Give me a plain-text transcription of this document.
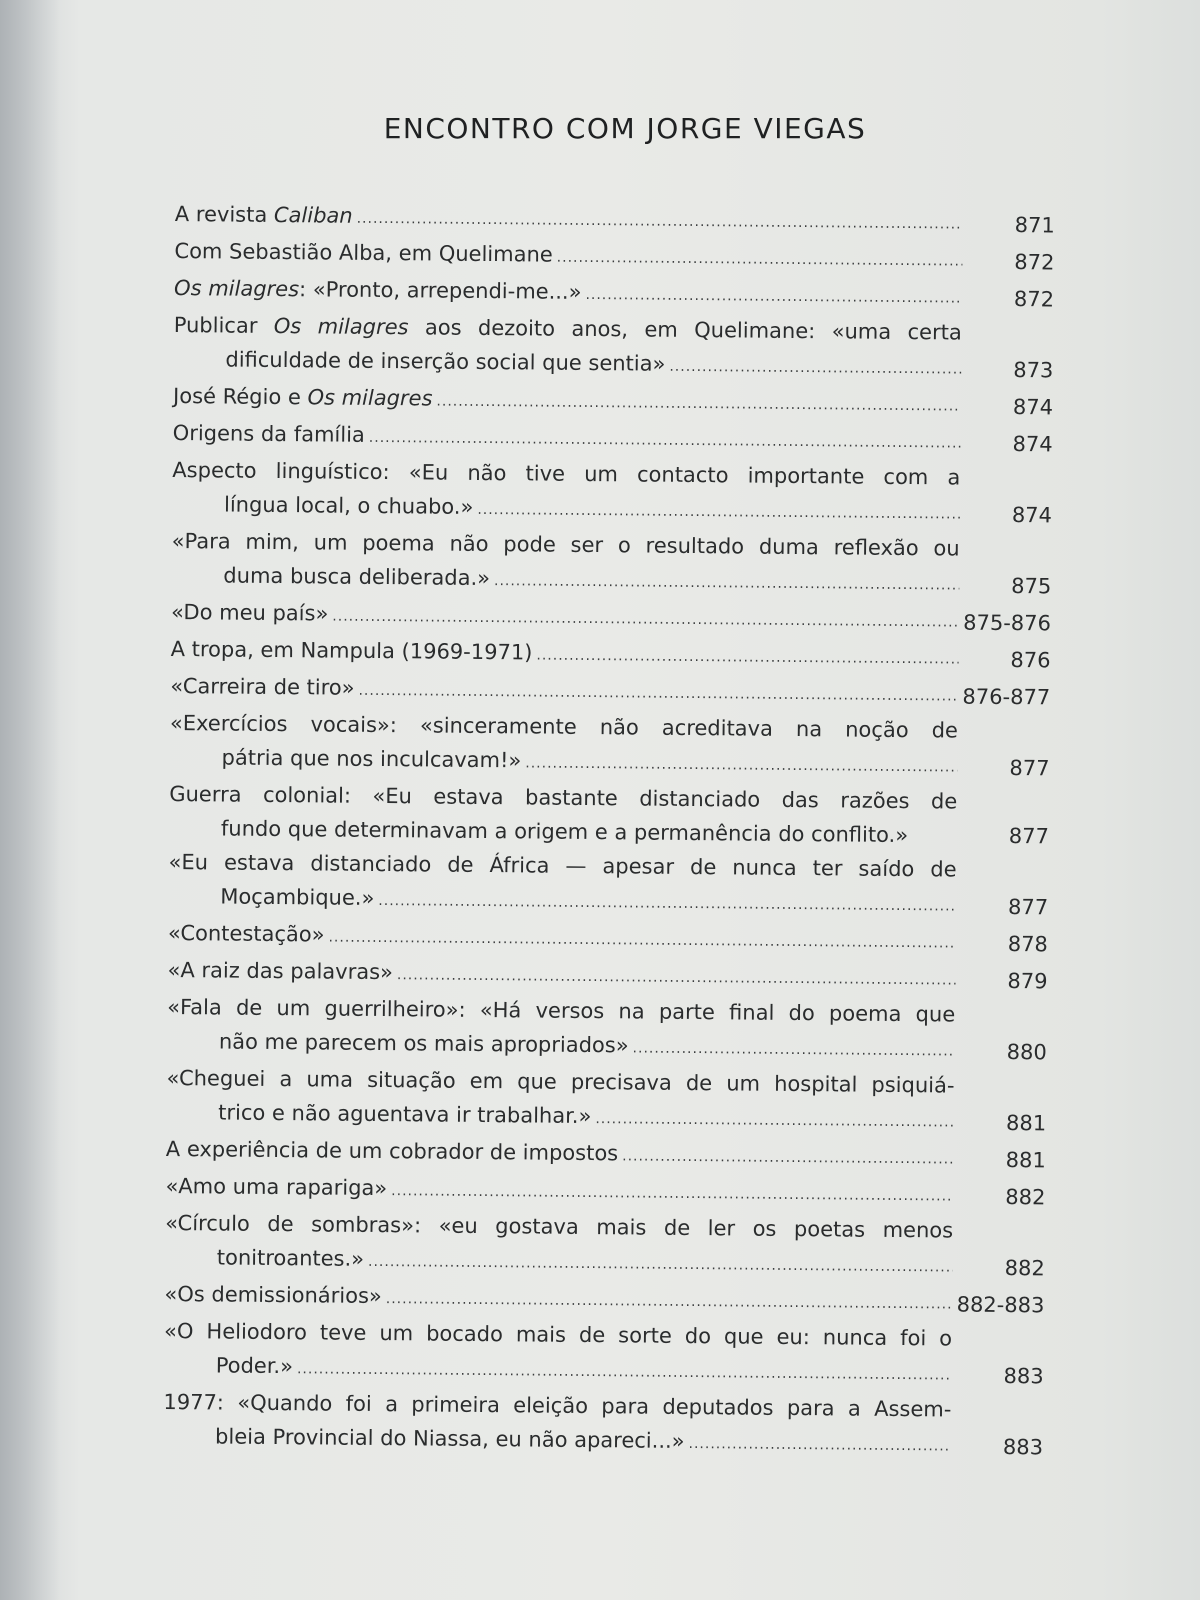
ENCONTRO COM JORGE VIEGAS
A revista Caliban .....	871
Com Sebastião Alba, em Quelimane .....	872
Os milagres: «Pronto, arrependi-me...» .....	872
Publicar Os milagres aos dezoito anos, em Quelimane: «uma certa
dificuldade de inserção social que sentia» .....	873
José Régio e Os milagres .....	874
Origens da família .....	874
Aspecto linguístico: «Eu não tive um contacto importante com a
língua local, o chuabo.» .....	874
«Para mim, um poema não pode ser o resultado duma reflexão ou
duma busca deliberada.» .....	875
«Do meu país» .....	875-876
A tropa, em Nampula (1969-1971) .....	876
«Carreira de tiro» .....	876-877
«Exercícios vocais»: «sinceramente não acreditava na noção de
pátria que nos inculcavam!» .....	877
Guerra colonial: «Eu estava bastante distanciado das razões de
fundo que determinavam a origem e a permanência do conflito.»	877
«Eu estava distanciado de África — apesar de nunca ter saído de
Moçambique.» .....	877
«Contestação» .....	878
«A raiz das palavras» .....	879
«Fala de um guerrilheiro»: «Há versos na parte final do poema que
não me parecem os mais apropriados» .....	880
«Cheguei a uma situação em que precisava de um hospital psiquiá-
trico e não aguentava ir trabalhar.» .....	881
A experiência de um cobrador de impostos .....	881
«Amo uma rapariga» .....	882
«Círculo de sombras»: «eu gostava mais de ler os poetas menos
tonitroantes.» .....	882
«Os demissionários» .....	882-883
«O Heliodoro teve um bocado mais de sorte do que eu: nunca foi o
Poder.» .....	883
1977: «Quando foi a primeira eleição para deputados para a Assem-
bleia Provincial do Niassa, eu não apareci...» .....	883
